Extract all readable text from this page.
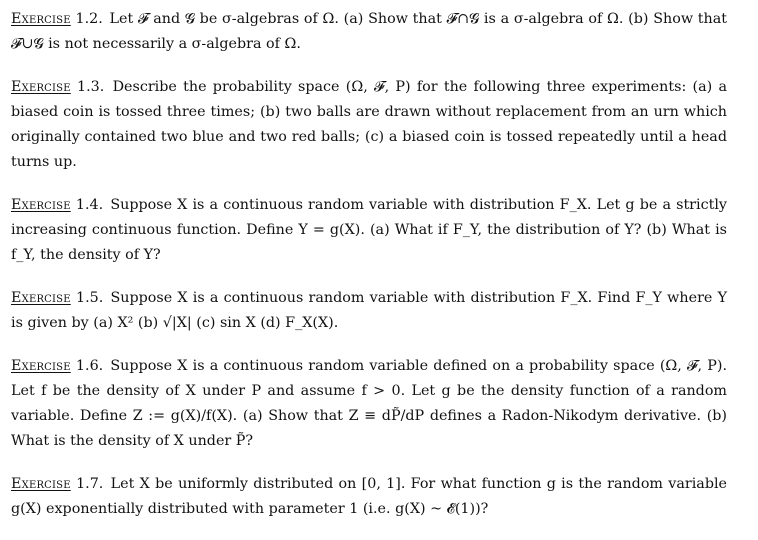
Exercise 1.2. Let 𝓕 and 𝓖 be σ-algebras of Ω. (a) Show that 𝓕∩𝓖 is a σ-algebra of Ω. (b) Show that 𝓕∪𝓖 is not necessarily a σ-algebra of Ω.

Exercise 1.3. Describe the probability space (Ω, 𝓕, P) for the following three experiments: (a) a biased coin is tossed three times; (b) two balls are drawn without replacement from an urn which originally contained two blue and two red balls; (c) a biased coin is tossed repeatedly until a head turns up.

Exercise 1.4. Suppose X is a continuous random variable with distribution F_X. Let g be a strictly increasing continuous function. Define Y = g(X). (a) What if F_Y, the distribution of Y? (b) What is f_Y, the density of Y?

Exercise 1.5. Suppose X is a continuous random variable with distribution F_X. Find F_Y where Y is given by (a) X² (b) √|X| (c) sin X (d) F_X(X).

Exercise 1.6. Suppose X is a continuous random variable defined on a probability space (Ω, 𝓕, P). Let f be the density of X under P and assume f > 0. Let g be the density function of a random variable. Define Z := g(X)/f(X). (a) Show that Z ≡ dP̃/dP defines a Radon-Nikodym derivative. (b) What is the density of X under P̃?

Exercise 1.7. Let X be uniformly distributed on [0, 1]. For what function g is the random variable g(X) exponentially distributed with parameter 1 (i.e. g(X) ~ 𝓔(1))?
